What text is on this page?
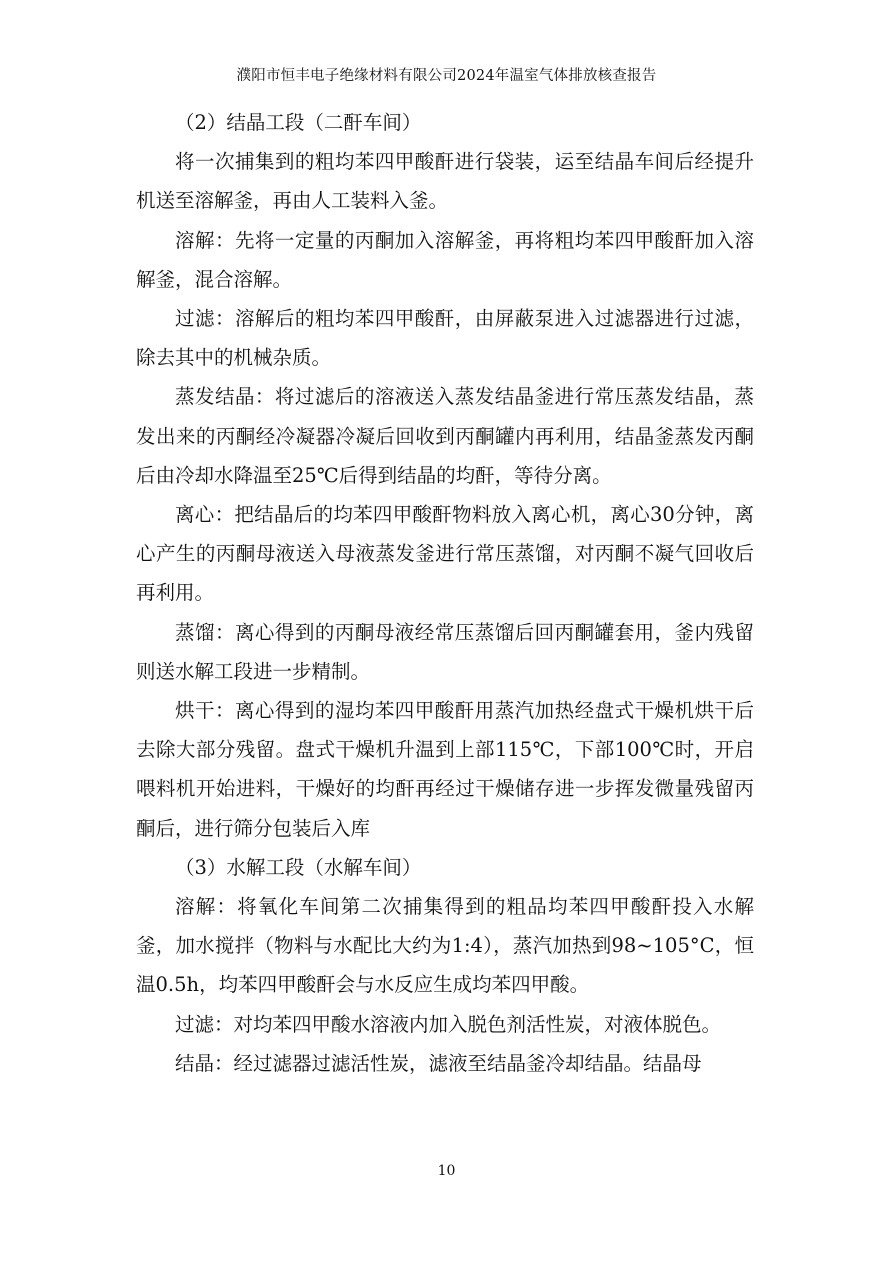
濮阳市恒丰电子绝缘材料有限公司2024年温室气体排放核查报告

（2）结晶工段（二酐车间）

将一次捕集到的粗均苯四甲酸酐进行袋装，运至结晶车间后经提升机送至溶解釜，再由人工装料入釜。

溶解：先将一定量的丙酮加入溶解釜，再将粗均苯四甲酸酐加入溶解釜，混合溶解。

过滤：溶解后的粗均苯四甲酸酐，由屏蔽泵进入过滤器进行过滤，除去其中的机械杂质。

蒸发结晶：将过滤后的溶液送入蒸发结晶釜进行常压蒸发结晶，蒸发出来的丙酮经冷凝器冷凝后回收到丙酮罐内再利用，结晶釜蒸发丙酮后由冷却水降温至25℃后得到结晶的均酐，等待分离。

离心：把结晶后的均苯四甲酸酐物料放入离心机，离心30分钟，离心产生的丙酮母液送入母液蒸发釜进行常压蒸馏，对丙酮不凝气回收后再利用。

蒸馏：离心得到的丙酮母液经常压蒸馏后回丙酮罐套用，釜内残留则送水解工段进一步精制。

烘干：离心得到的湿均苯四甲酸酐用蒸汽加热经盘式干燥机烘干后去除大部分残留。盘式干燥机升温到上部115℃，下部100℃时，开启喂料机开始进料，干燥好的均酐再经过干燥储存进一步挥发微量残留丙酮后，进行筛分包装后入库

（3）水解工段（水解车间）

溶解：将氧化车间第二次捕集得到的粗品均苯四甲酸酐投入水解釜，加水搅拌（物料与水配比大约为1:4），蒸汽加热到98~105°C，恒温0.5h，均苯四甲酸酐会与水反应生成均苯四甲酸。

过滤：对均苯四甲酸水溶液内加入脱色剂活性炭，对液体脱色。

结晶：经过滤器过滤活性炭，滤液至结晶釜冷却结晶。结晶母

10
